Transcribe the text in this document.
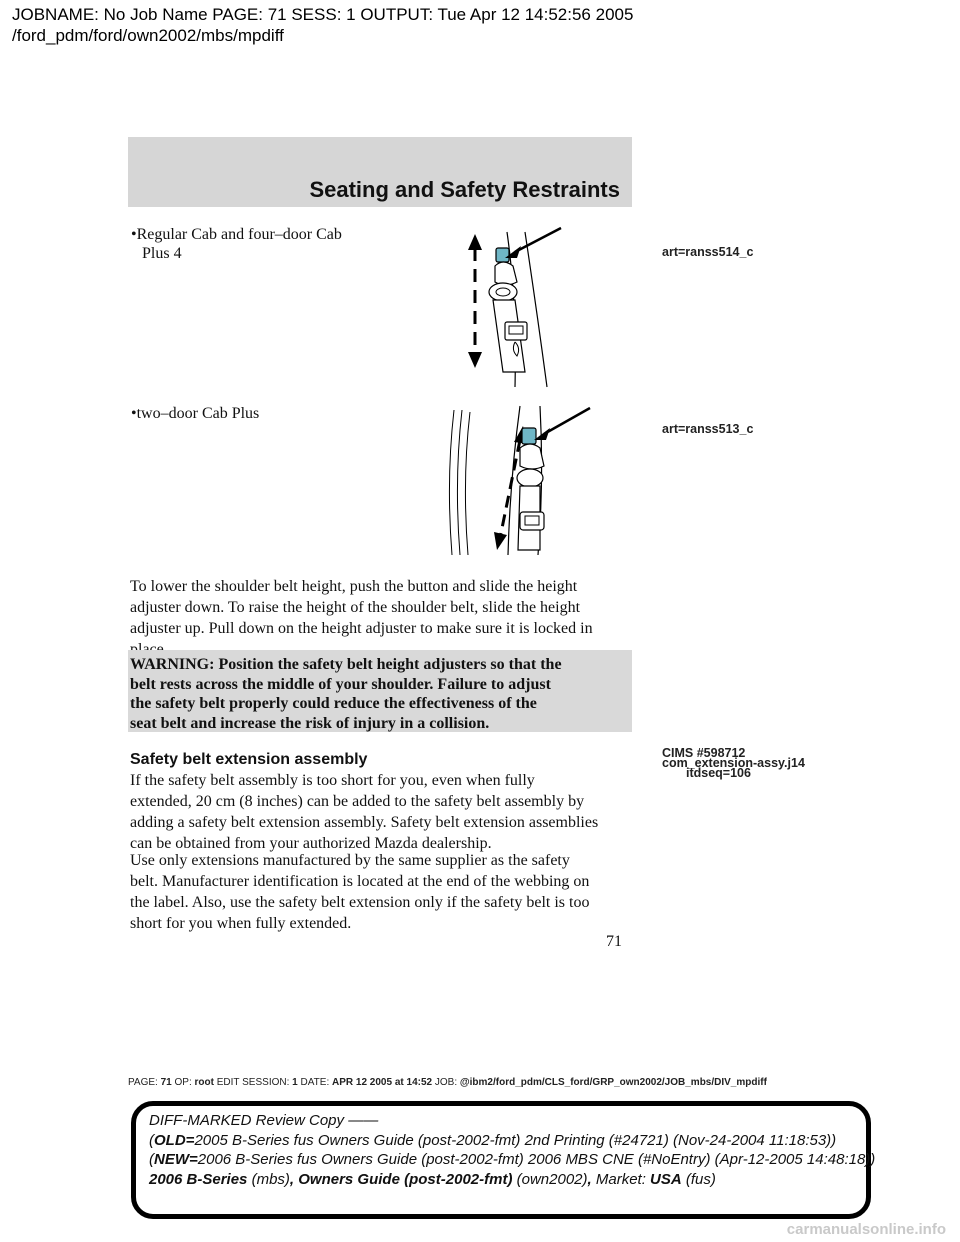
JOBNAME: No Job Name PAGE: 71 SESS: 1 OUTPUT: Tue Apr 12 14:52:56 2005
/ford_pdm/ford/own2002/mbs/mpdiff
Seating and Safety Restraints
•Regular Cab and four–door Cab
Plus 4	art=ranss514_c
•two–door Cab Plus
art=ranss513_c
To lower the shoulder belt height, push the button and slide the height
adjuster down. To raise the height of the shoulder belt, slide the height
adjuster up. Pull down on the height adjuster to make sure it is locked in
WARNING: Position the safety belt height adjusters so that the
belt rests across the middle of your shoulder. Failure to adjust
the safety belt properly could reduce the effectiveness of the
seat belt and increase the risk of injury in a collision.
Safety belt extension assembly	CIMS #598712
com_extension-assy.j14
itdseq=106
If the safety belt assembly is too short for you, even when fully
extended, 20 cm (8 inches) can be added to the safety belt assembly by
adding a safety belt extension assembly. Safety belt extension assemblies
can be obtained from your authorized Mazda dealership.
Use only extensions manufactured by the same supplier as the safety
belt. Manufacturer identification is located at the end of the webbing on
the label. Also, use the safety belt extension only if the safety belt is too
short for you when fully extended.
71
PAGE: 71 OP: root EDIT SESSION: 1 DATE: APR 12 2005 at 14:52 JOB: @ibm2/ford_pdm/CLS_ford/GRP_own2002/JOB_mbs/DIV_mpdiff
DIFF-MARKED Review Copy ——
(OLD=2005 B-Series fus Owners Guide (post-2002-fmt) 2nd Printing (#24721) (Nov-24-2004 11:18:53))
(NEW=2006 B-Series fus Owners Guide (post-2002-fmt) 2006 MBS CNE (#NoEntry) (Apr-12-2005 14:48:18))
2006 B-Series (mbs), Owners Guide (post-2002-fmt) (own2002), Market: USA (fus)
carmanualsonline.info
